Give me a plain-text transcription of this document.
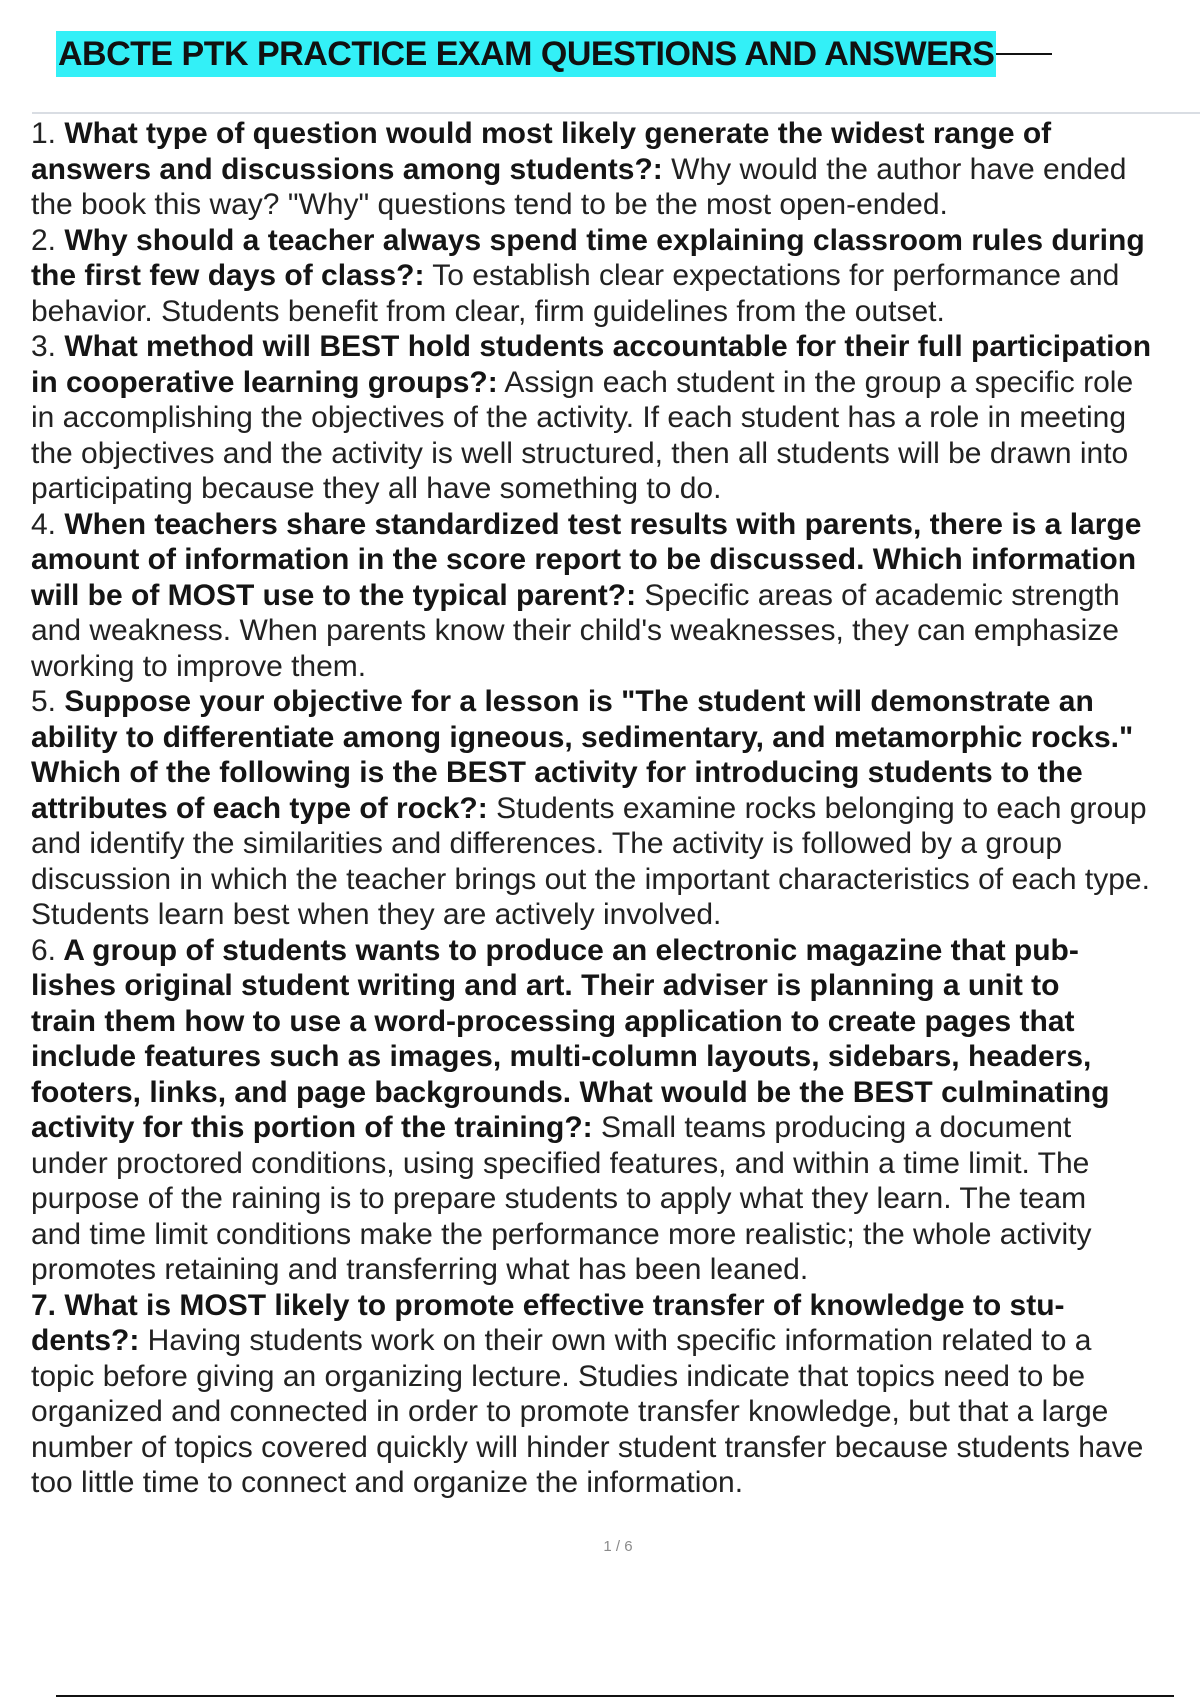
ABCTE PTK PRACTICE EXAM QUESTIONS AND ANSWERS
1. What type of question would most likely generate the widest range of
answers and discussions among students?: Why would the author have ended
the book this way? "Why" questions tend to be the most open-ended.
2. Why should a teacher always spend time explaining classroom rules during
the first few days of class?: To establish clear expectations for performance and
behavior. Students benefit from clear, firm guidelines from the outset.
3. What method will BEST hold students accountable for their full participation
in cooperative learning groups?: Assign each student in the group a specific role
in accomplishing the objectives of the activity. If each student has a role in meeting
the objectives and the activity is well structured, then all students will be drawn into
participating because they all have something to do.
4. When teachers share standardized test results with parents, there is a large
amount of information in the score report to be discussed. Which information
will be of MOST use to the typical parent?: Specific areas of academic strength
and weakness. When parents know their child's weaknesses, they can emphasize
working to improve them.
5. Suppose your objective for a lesson is "The student will demonstrate an
ability to differentiate among igneous, sedimentary, and metamorphic rocks."
Which of the following is the BEST activity for introducing students to the
attributes of each type of rock?: Students examine rocks belonging to each group
and identify the similarities and differences. The activity is followed by a group
discussion in which the teacher brings out the important characteristics of each type.
Students learn best when they are actively involved.
6. A group of students wants to produce an electronic magazine that pub-
lishes original student writing and art. Their adviser is planning a unit to
train them how to use a word-processing application to create pages that
include features such as images, multi-column layouts, sidebars, headers,
footers, links, and page backgrounds. What would be the BEST culminating
activity for this portion of the training?: Small teams producing a document
under proctored conditions, using specified features, and within a time limit. The
purpose of the raining is to prepare students to apply what they learn. The team
and time limit conditions make the performance more realistic; the whole activity
promotes retaining and transferring what has been leaned.
7. What is MOST likely to promote effective transfer of knowledge to stu-
dents?: Having students work on their own with specific information related to a
topic before giving an organizing lecture. Studies indicate that topics need to be
organized and connected in order to promote transfer knowledge, but that a large
number of topics covered quickly will hinder student transfer because students have
too little time to connect and organize the information.
1 / 6
